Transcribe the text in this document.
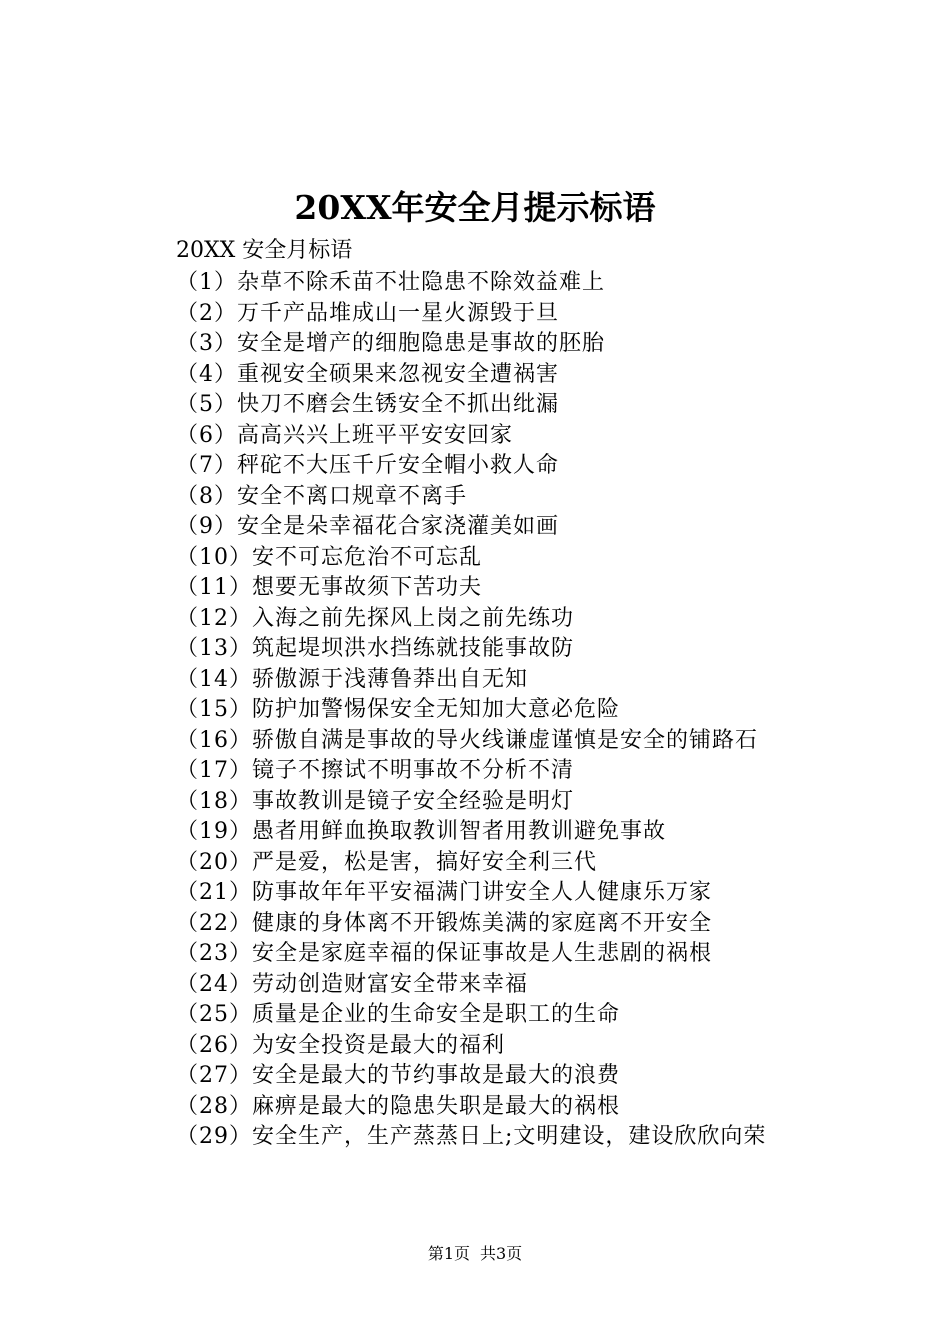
20XX年安全月提示标语
20XX 安全月标语
（1）杂草不除禾苗不壮隐患不除效益难上
（2）万千产品堆成山一星火源毁于旦
（3）安全是增产的细胞隐患是事故的胚胎
（4）重视安全硕果来忽视安全遭祸害
（5）快刀不磨会生锈安全不抓出纰漏
（6）高高兴兴上班平平安安回家
（7）秤砣不大压千斤安全帽小救人命
（8）安全不离口规章不离手
（9）安全是朵幸福花合家浇灌美如画
（10）安不可忘危治不可忘乱
（11）想要无事故须下苦功夫
（12）入海之前先探风上岗之前先练功
（13）筑起堤坝洪水挡练就技能事故防
（14）骄傲源于浅薄鲁莽出自无知
（15）防护加警惕保安全无知加大意必危险
（16）骄傲自满是事故的导火线谦虚谨慎是安全的铺路石
（17）镜子不擦试不明事故不分析不清
（18）事故教训是镜子安全经验是明灯
（19）愚者用鲜血换取教训智者用教训避免事故
（20）严是爱，松是害，搞好安全利三代
（21）防事故年年平安福满门讲安全人人健康乐万家
（22）健康的身体离不开锻炼美满的家庭离不开安全
（23）安全是家庭幸福的保证事故是人生悲剧的祸根
（24）劳动创造财富安全带来幸福
（25）质量是企业的生命安全是职工的生命
（26）为安全投资是最大的福利
（27）安全是最大的节约事故是最大的浪费
（28）麻痹是最大的隐患失职是最大的祸根
（29）安全生产，生产蒸蒸日上;文明建设，建设欣欣向荣
第1页 共3页
